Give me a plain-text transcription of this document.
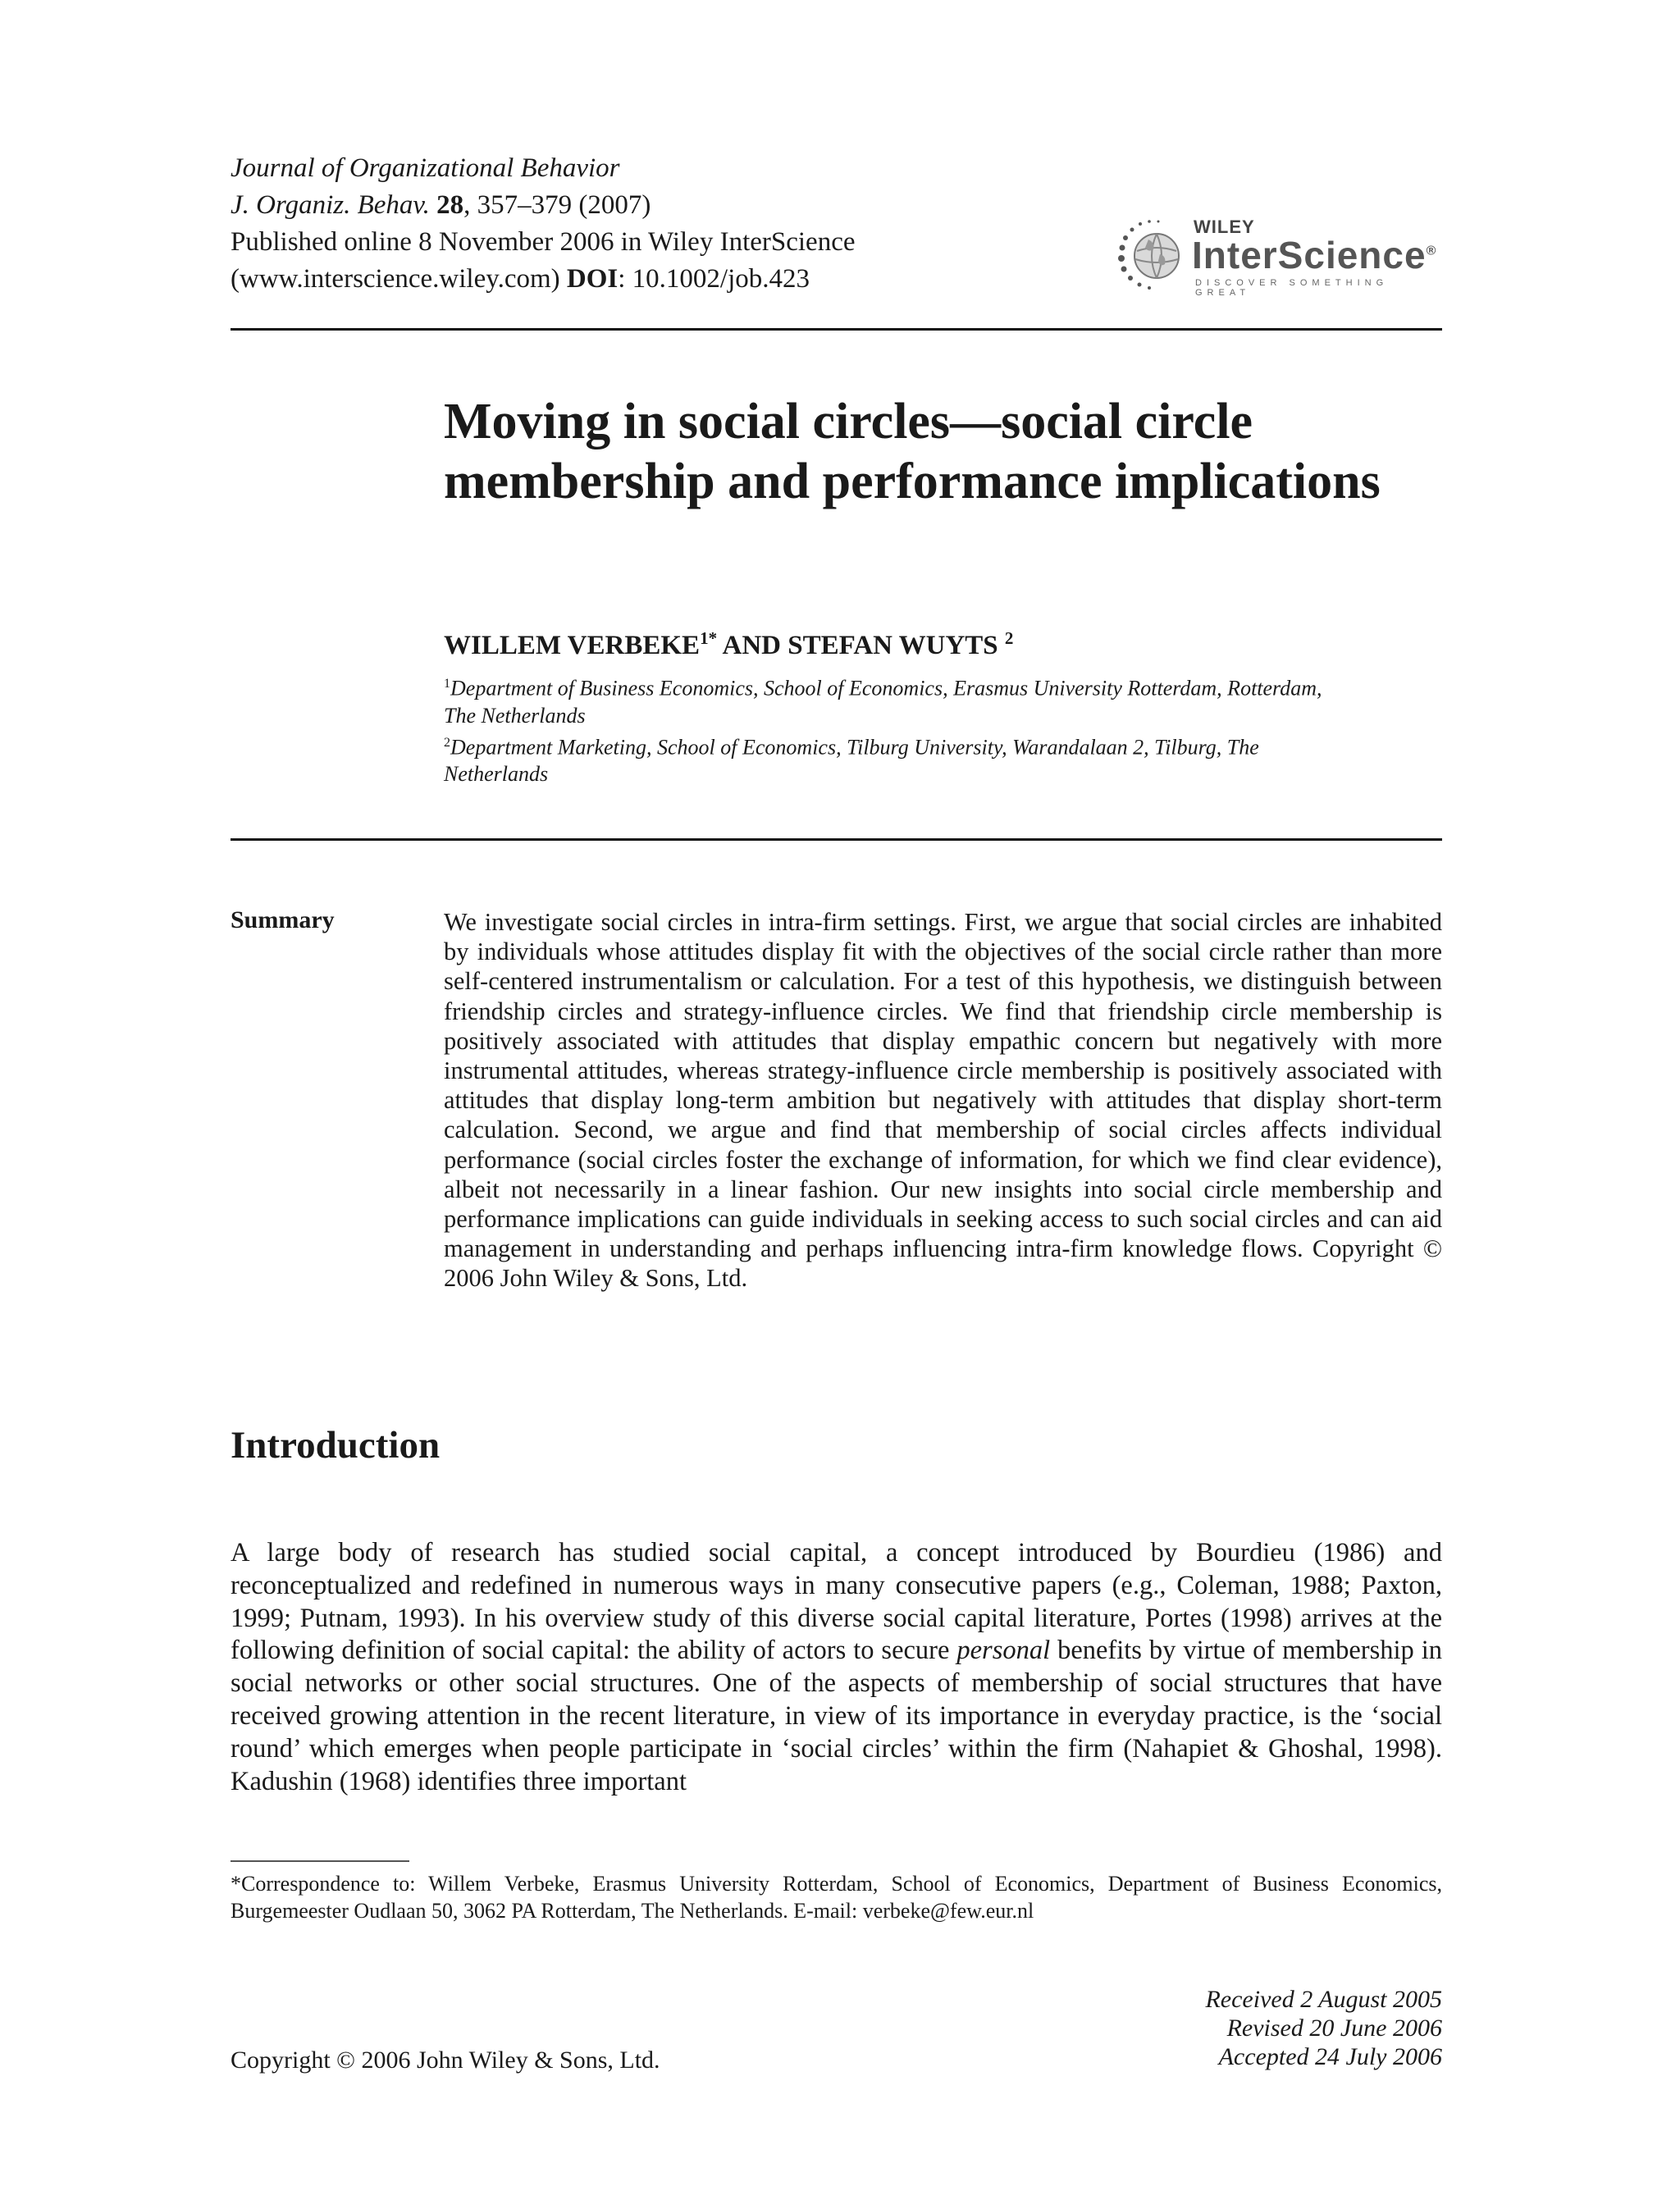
Journal of Organizational Behavior
J. Organiz. Behav. 28, 357–379 (2007)
Published online 8 November 2006 in Wiley InterScience
(www.interscience.wiley.com) DOI: 10.1002/job.423
WILEY
InterScience®
DISCOVER SOMETHING GREAT
Moving in social circles—social circle membership and performance implications
WILLEM $VERBEKE^{1*}$ AND STEFAN WUYTS $^2$

$^1$Department of Business Economics, School of Economics, Erasmus University Rotterdam, Rotterdam, The Netherlands

$^2$Department Marketing, School of Economics, Tilburg University, Warandalaan 2, Tilburg, The Netherlands

Summary	We investigate social circles in intra-firm settings. First, we argue that social circles are inhabited by individuals whose attitudes display fit with the objectives of the social circle rather than more self-centered instrumentalism or calculation. For a test of this hypothesis, we distinguish between friendship circles and strategy-influence circles. We find that friendship circle membership is positively associated with attitudes that display empathic concern but negatively with more instrumental attitudes, whereas strategy-influence circle membership is positively associated with attitudes that display long-term ambition but negatively with attitudes that display short-term calculation. Second, we argue and find that membership of social circles affects individual performance (social circles foster the exchange of information, for which we find clear evidence), albeit not necessarily in a linear fashion. Our new insights into social circle membership and performance implications can guide individuals in seeking access to such social circles and can aid management in understanding and perhaps influencing intra-firm knowledge flows. Copyright © 2006 John Wiley & Sons, Ltd.
Introduction
A large body of research has studied social capital, a concept introduced by Bourdieu (1986) and reconceptualized and redefined in numerous ways in many consecutive papers (e.g., Coleman, 1988; Paxton, 1999; Putnam, 1993). In his overview study of this diverse social capital literature, Portes (1998) arrives at the following definition of social capital: the ability of actors to secure personal benefits by virtue of membership in social networks or other social structures. One of the aspects of membership of social structures that have received growing attention in the recent literature, in view of its importance in everyday practice, is the ‘social round’ which emerges when people participate in ‘social circles’ within the firm (Nahapiet & Ghoshal, 1998). Kadushin (1968) identifies three important
*Correspondence to: Willem Verbeke, Erasmus University Rotterdam, School of Economics, Department of Business Economics, Burgemeester Oudlaan 50, 3062 PA Rotterdam, The Netherlands. E-mail: verbeke@few.eur.nl
Received 2 August 2005
Revised 20 June 2006
Accepted 24 July 2006
Copyright © 2006 John Wiley & Sons, Ltd.
